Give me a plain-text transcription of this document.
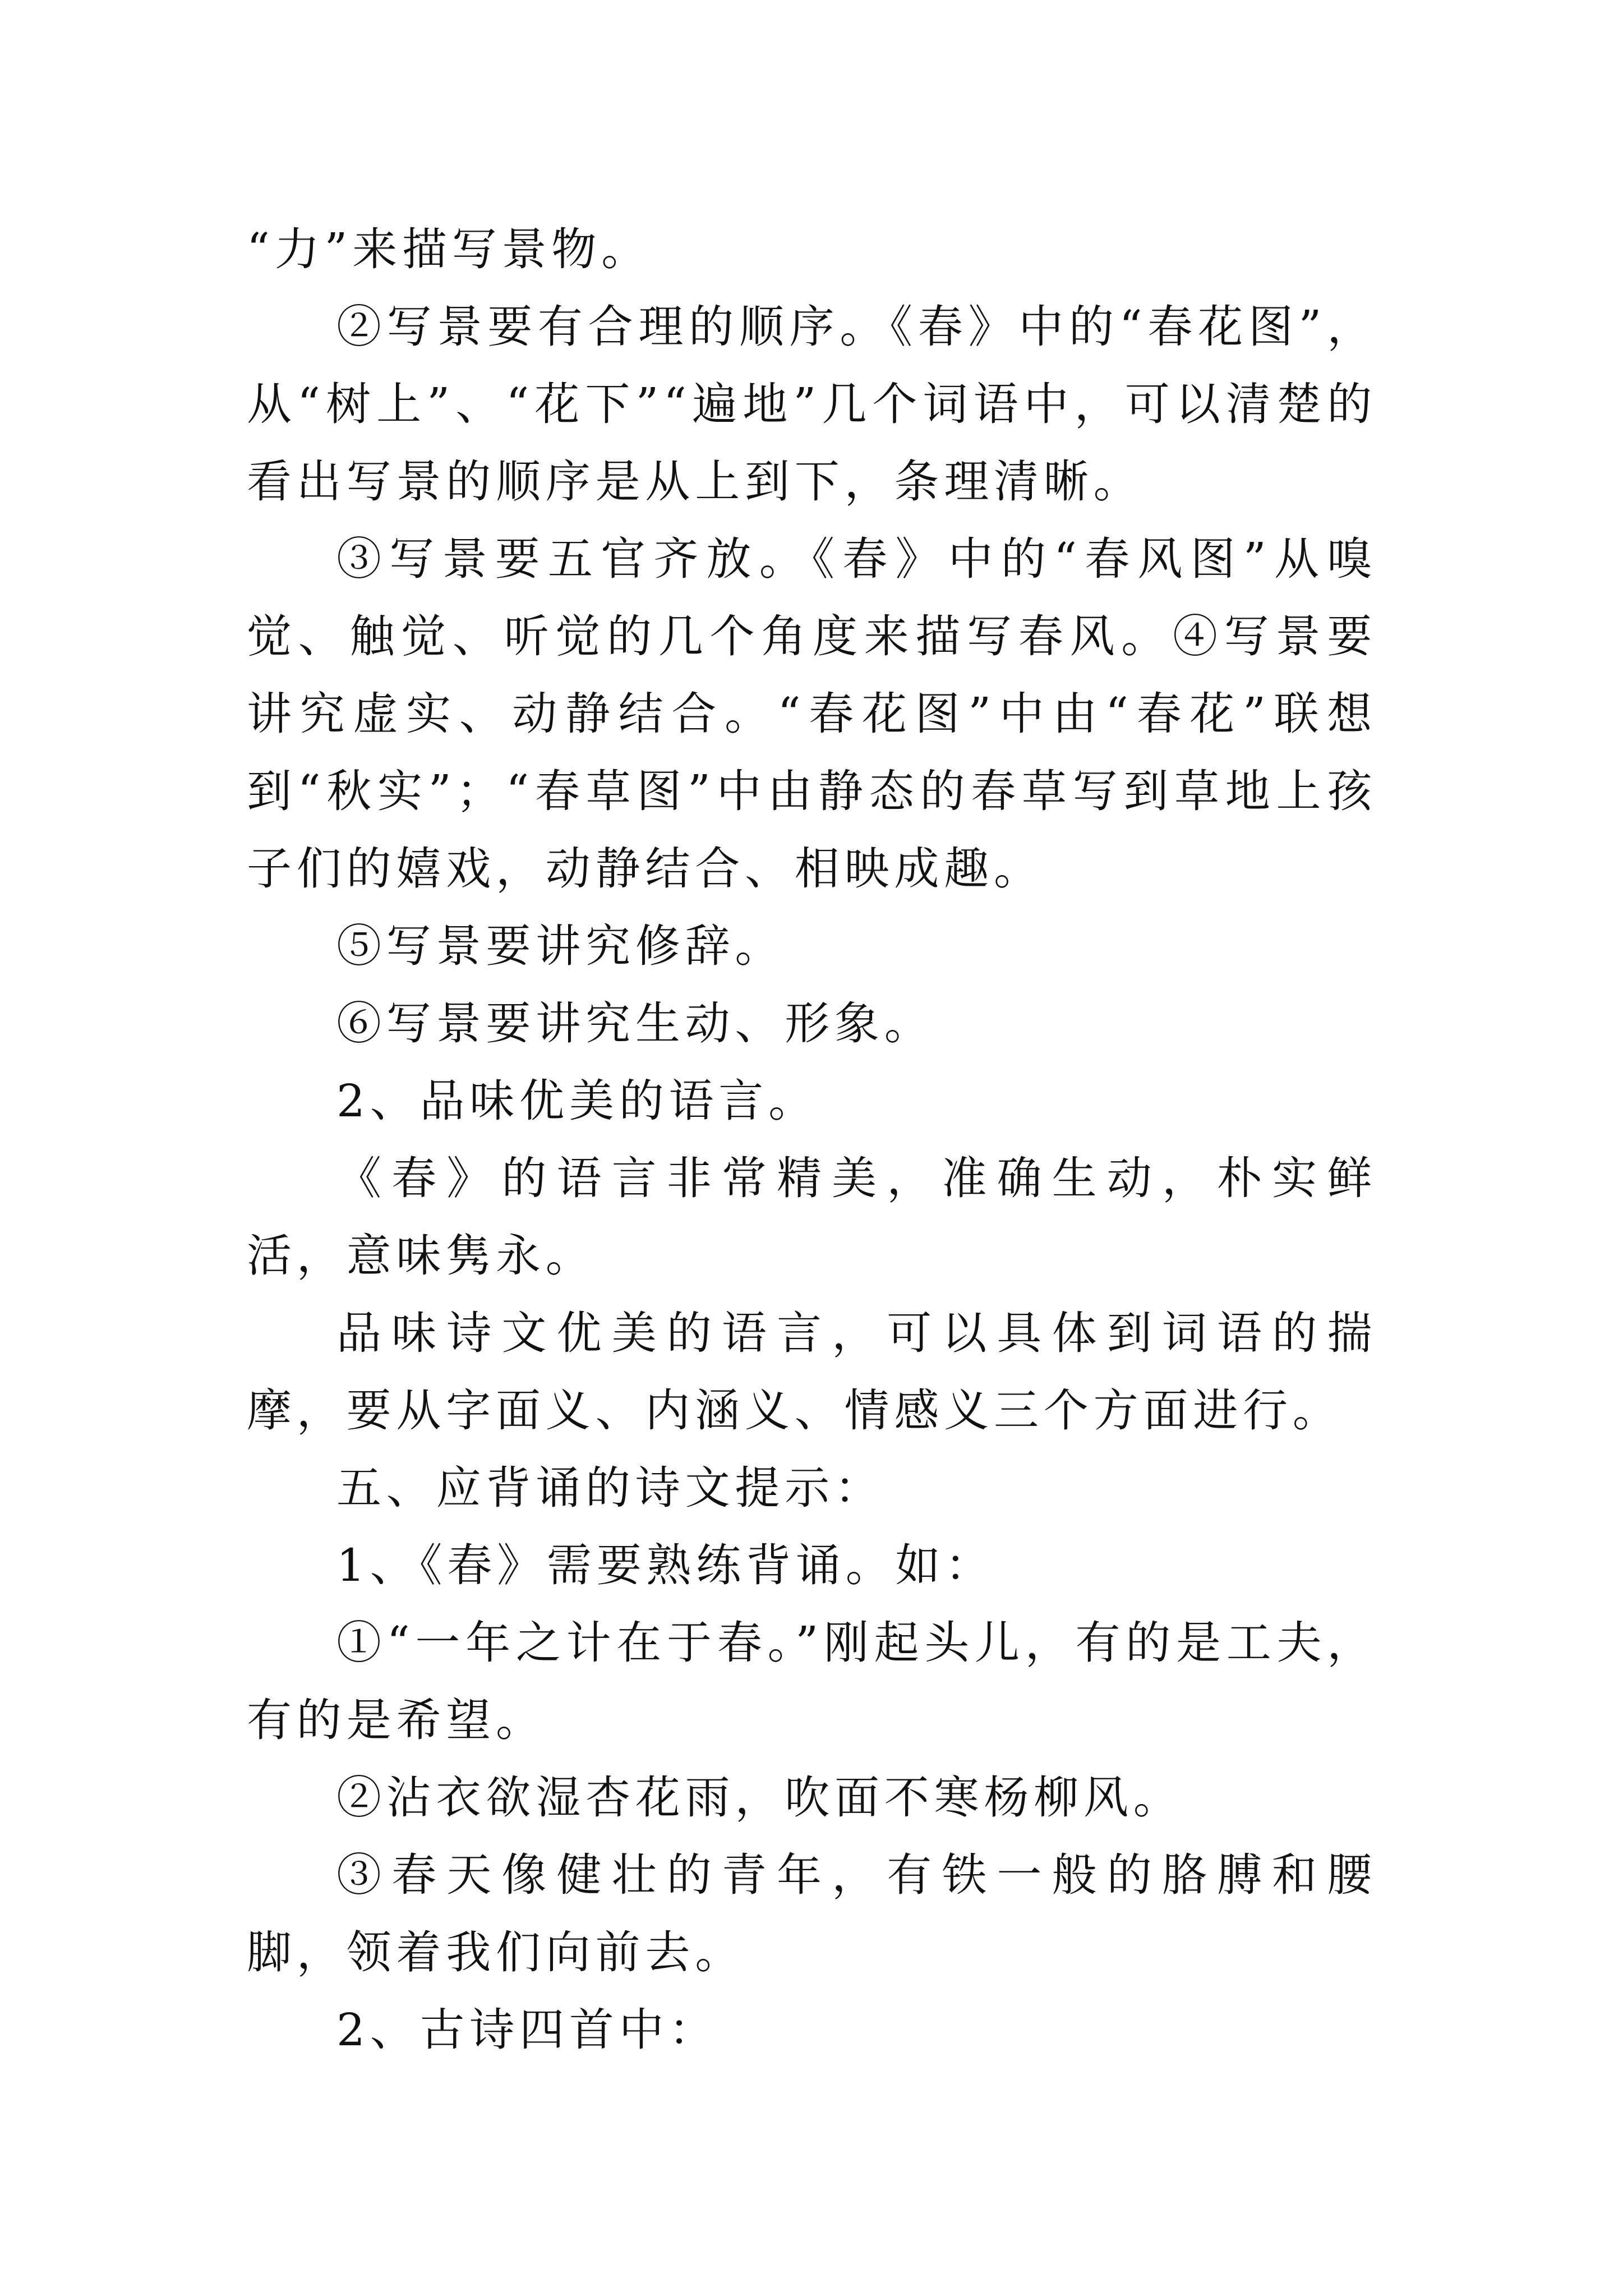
“力”来描写景物。

②写景要有合理的顺序。《春》中的“春花图”，从“树上”、“花下”“遍地”几个词语中，可以清楚的看出写景的顺序是从上到下，条理清晰。

③写景要五官齐放。《春》中的“春风图”从嗅觉、触觉、听觉的几个角度来描写春风。④写景要讲究虚实、动静结合。“春花图”中由“春花”联想到“秋实”；“春草图”中由静态的春草写到草地上孩子们的嬉戏，动静结合、相映成趣。

⑤写景要讲究修辞。

⑥写景要讲究生动、形象。

2、品味优美的语言。

《春》的语言非常精美，准确生动，朴实鲜活，意味隽永。

品味诗文优美的语言，可以具体到词语的揣摩，要从字面义、内涵义、情感义三个方面进行。

五、应背诵的诗文提示：

1、《春》需要熟练背诵。如：

①“一年之计在于春。”刚起头儿，有的是工夫，有的是希望。

②沾衣欲湿杏花雨，吹面不寒杨柳风。

③春天像健壮的青年，有铁一般的胳膊和腰脚，领着我们向前去。

2、古诗四首中：
